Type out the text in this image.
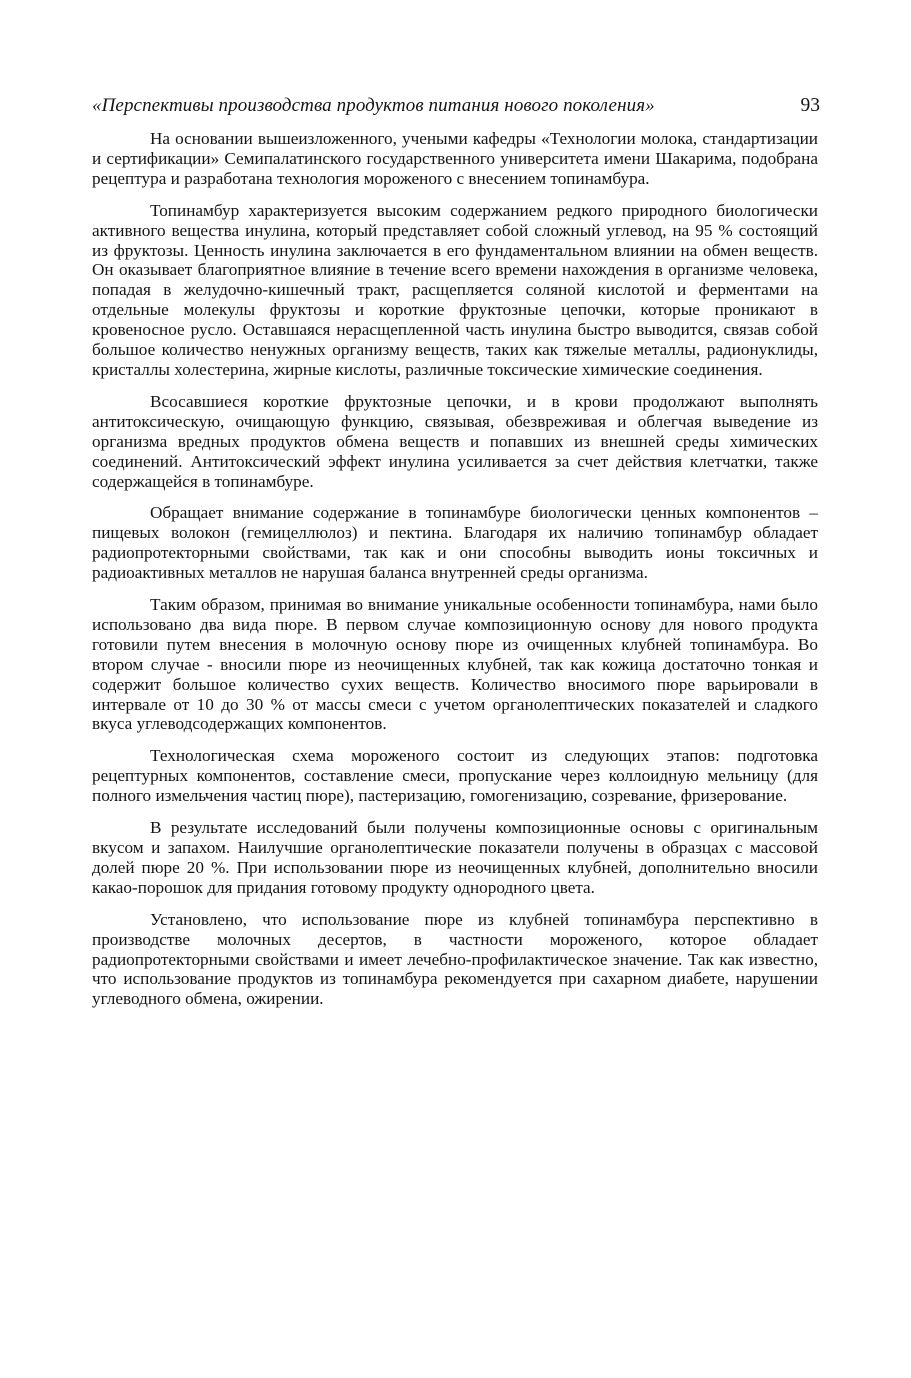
«Перспективы производства продуктов питания нового поколения»	93

На основании вышеизложенного, учеными кафедры «Технологии молока, стандартизации и сертификации» Семипалатинского государственного университета имени Шакарима, подобрана рецептура и разработана технология мороженого с внесением топинамбура.

Топинамбур характеризуется высоким содержанием редкого природного биологически активного вещества инулина, который представляет собой сложный углевод, на 95 % состоящий из фруктозы. Ценность инулина заключается в его фундаментальном влиянии на обмен веществ. Он оказывает благоприятное влияние в течение всего времени нахождения в организме человека, попадая в желудочно-кишечный тракт, расщепляется соляной кислотой и ферментами на отдельные молекулы фруктозы и короткие фруктозные цепочки, которые проникают в кровеносное русло. Оставшаяся нерасщепленной часть инулина быстро выводится, связав собой большое количество ненужных организму веществ, таких как тяжелые металлы, радионуклиды, кристаллы холестерина, жирные кислоты, различные токсические химические соединения.

Всосавшиеся короткие фруктозные цепочки, и в крови продолжают выполнять антитоксическую, очищающую функцию, связывая, обезвреживая и облегчая выведение из организма вредных продуктов обмена веществ и попавших из внешней среды химических соединений. Антитоксический эффект инулина усиливается за счет действия клетчатки, также содержащейся в топинамбуре.

Обращает внимание содержание в топинамбуре биологически ценных компонентов – пищевых волокон (гемицеллюлоз) и пектина. Благодаря их наличию топинамбур обладает радиопротекторными свойствами, так как и они способны выводить ионы токсичных и радиоактивных металлов не нарушая баланса внутренней среды организма.

Таким образом, принимая во внимание уникальные особенности топинамбура, нами было использовано два вида пюре. В первом случае композиционную основу для нового продукта готовили путем внесения в молочную основу пюре из очищенных клубней топинамбура. Во втором случае - вносили пюре из неочищенных клубней, так как кожица достаточно тонкая и содержит большое количество сухих веществ. Количество вносимого пюре варьировали в интервале от 10 до 30 % от массы смеси с учетом органолептических показателей и сладкого вкуса углеводсодержащих компонентов.

Технологическая схема мороженого состоит из следующих этапов: подготовка рецептурных компонентов, составление смеси, пропускание через коллоидную мельницу (для полного измельчения частиц пюре), пастеризацию, гомогенизацию, созревание, фризерование.

В результате исследований были получены композиционные основы с оригинальным вкусом и запахом. Наилучшие органолептические показатели получены в образцах с массовой долей пюре 20 %. При использовании пюре из неочищенных клубней, дополнительно вносили какао-порошок для придания готовому продукту однородного цвета.

Установлено, что использование пюре из клубней топинамбура перспективно в производстве молочных десертов, в частности мороженого, которое обладает радиопротекторными свойствами и имеет лечебно-профилактическое значение. Так как известно, что использование продуктов из топинамбура рекомендуется при сахарном диабете, нарушении углеводного обмена, ожирении.
